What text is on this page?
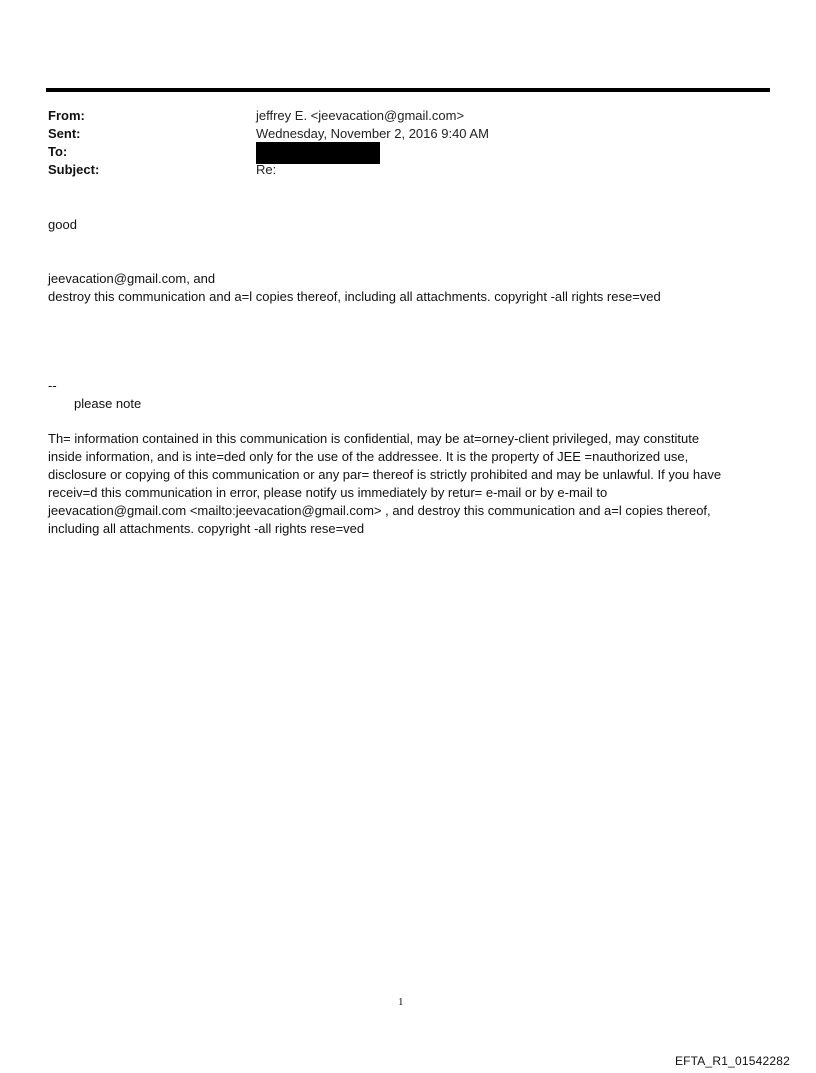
From:	jeffrey E. <jeevacation@gmail.com>
Sent:	Wednesday, November 2, 2016 9:40 AM
To:
Subject:	Re:
good
jeevacation@gmail.com, and
destroy this communication and a=l copies thereof, including all attachments. copyright -all rights rese=ved
--
please note
Th= information contained in this communication is confidential, may be at=orney-client privileged, may constitute
inside information, and is inte=ded only for the use of the addressee. It is the property of JEE =nauthorized use,
disclosure or copying of this communication or any par= thereof is strictly prohibited and may be unlawful. If you have
receiv=d this communication in error, please notify us immediately by retur= e-mail or by e-mail to
jeevacation@gmail.com <mailto:jeevacation@gmail.com> , and destroy this communication and a=l copies thereof,
including all attachments. copyright -all rights rese=ved
1
EFTA_R1_01542282
